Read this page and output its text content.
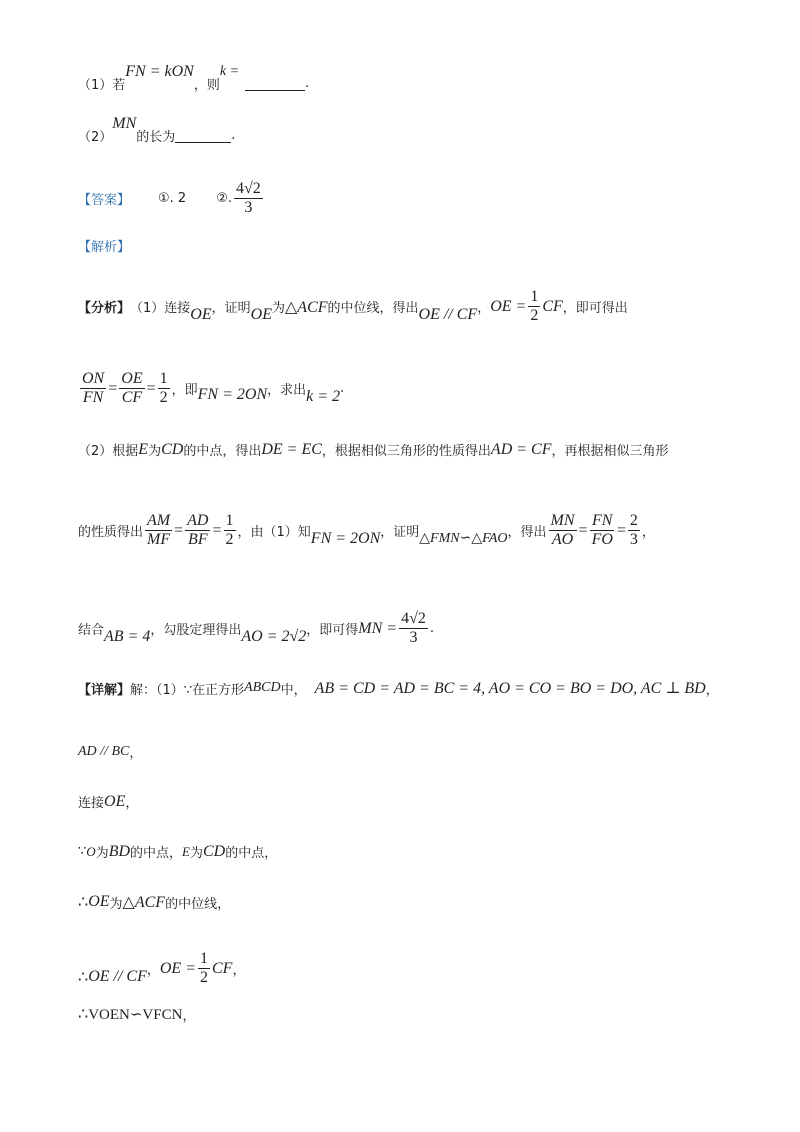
（1）若
FN = kON
，则
k =
.
（2）
MN
的长为	.
【答案】 ①. 2 ②. $\frac{4√2}{3}$
【解析】
【分析】 （1）连接 OE ，证明 OE 为 △ACF 的中位线，得出 OE // CF ， OE = $\frac{1}{2}$ CF ，即可得出
$\frac{ON}{FN} = \frac{OE}{CF} = \frac{1}{2}$ ，即 FN = 2ON ，求出 k = 2 .
（2）根据 E 为 CD 的中点，得出 DE = EC ，根据相似三角形的性质得出 AD = CF ，再根据相似三角形
的性质得出 $\frac{AM}{MF} = \frac{AD}{BF} = \frac{1}{2}$ ，由（1）知 FN = 2ON ，证明 △FMN∽△FAO ，得出 $\frac{MN}{AO} = \frac{FN}{FO} = \frac{2}{3}$ ，
结合 AB = 4 ，勾股定理得出 AO = 2√2 ，即可得 MN = $\frac{4√2}{3}$ .
【详解】 解：（1）∵在正方形 ABCD 中， AB = CD = AD = BC = 4, AO = CO = BO = DO, AC ⊥ BD ，
AD // BC ，
连接 OE ，
∵ O 为 BD 的中点， E 为 CD 的中点，
∴ OE 为 △ACF 的中位线，
∴ OE // CF ， OE = $\frac{1}{2}$ CF ，
∴ VOEN∽VFCN ，
